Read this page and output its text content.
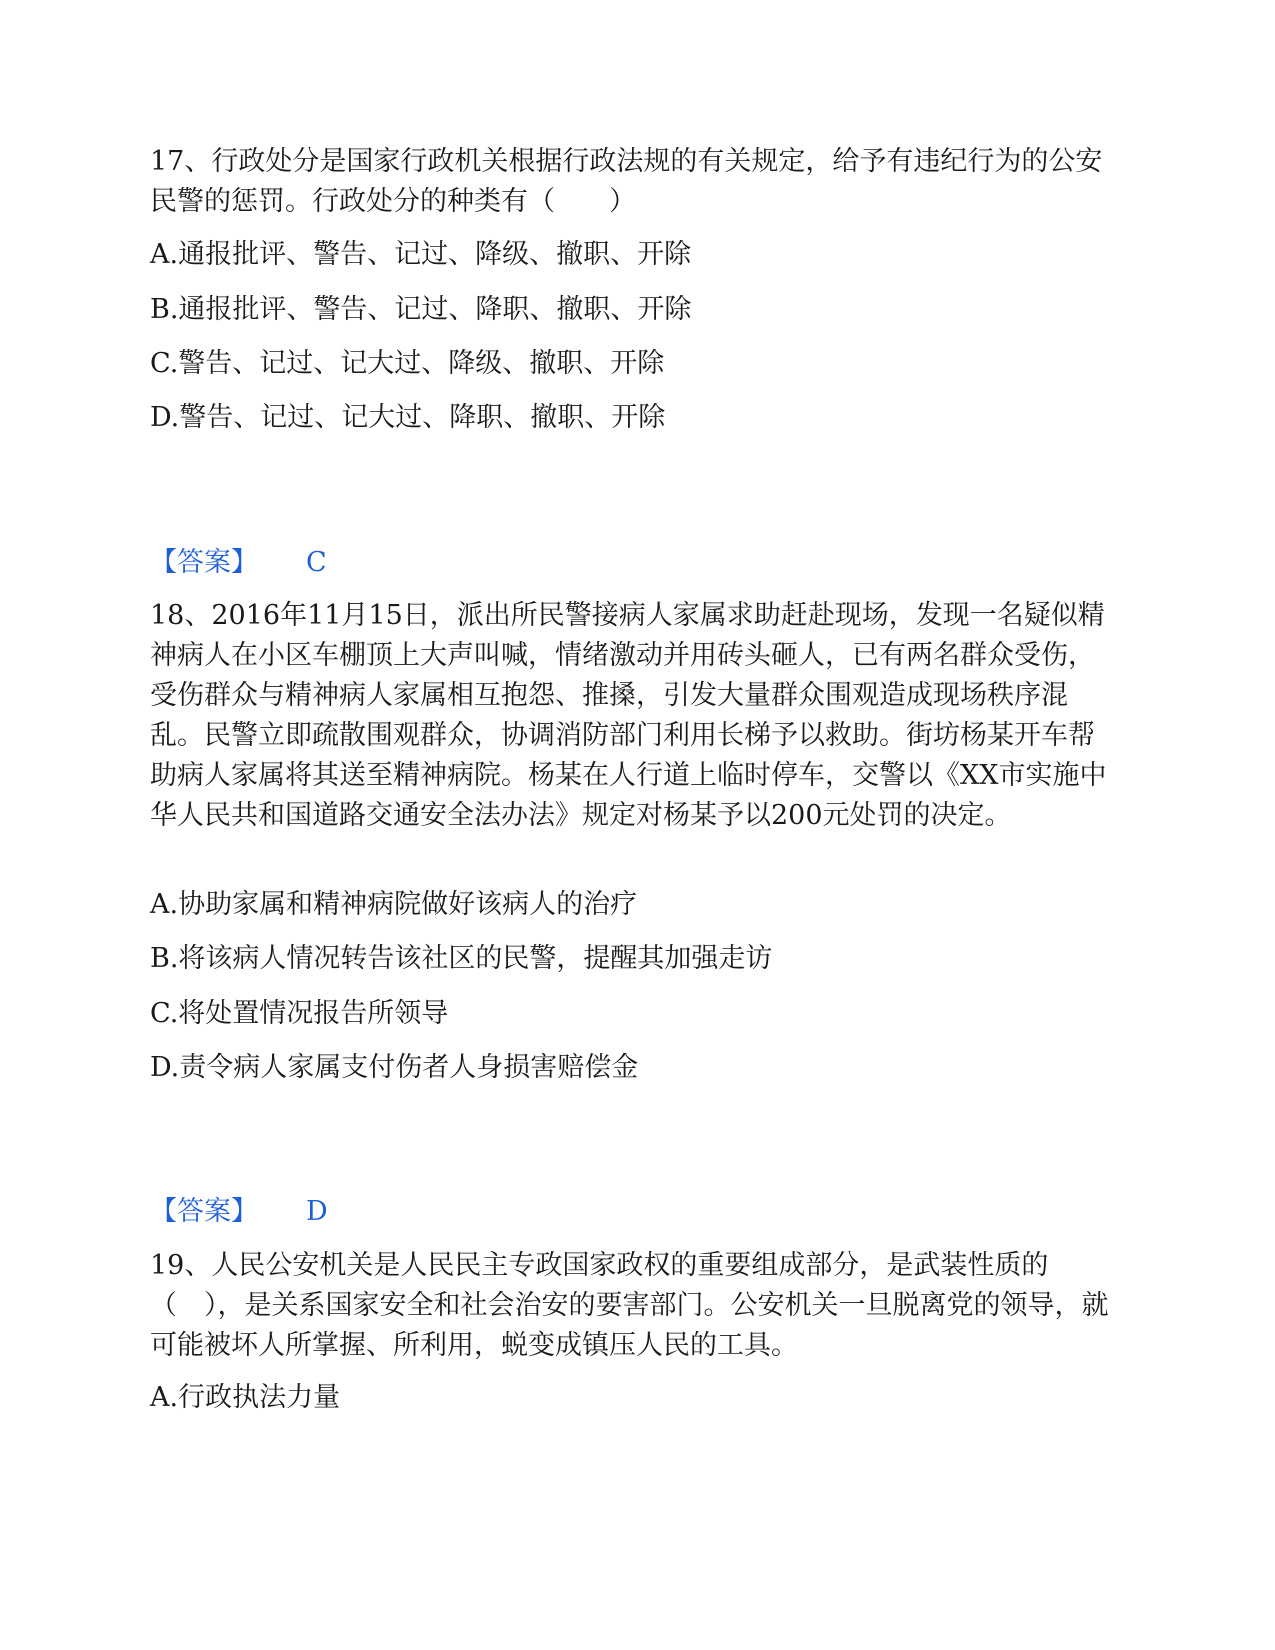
17、行政处分是国家行政机关根据行政法规的有关规定，给予有违纪行为的公安民警的惩罚。行政处分的种类有（　　）

A.通报批评、警告、记过、降级、撤职、开除

B.通报批评、警告、记过、降职、撤职、开除

C.警告、记过、记大过、降级、撤职、开除

D.警告、记过、记大过、降职、撤职、开除

【答案】 C

18、2016年11月15日，派出所民警接病人家属求助赶赴现场，发现一名疑似精神病人在小区车棚顶上大声叫喊，情绪激动并用砖头砸人，已有两名群众受伤，受伤群众与精神病人家属相互抱怨、推搡，引发大量群众围观造成现场秩序混乱。民警立即疏散围观群众，协调消防部门利用长梯予以救助。街坊杨某开车帮助病人家属将其送至精神病院。杨某在人行道上临时停车，交警以《XX市实施中华人民共和国道路交通安全法办法》规定对杨某予以200元处罚的决定。

A.协助家属和精神病院做好该病人的治疗

B.将该病人情况转告该社区的民警，提醒其加强走访

C.将处置情况报告所领导

D.责令病人家属支付伤者人身损害赔偿金

【答案】 D

19、人民公安机关是人民民主专政国家政权的重要组成部分，是武装性质的（　），是关系国家安全和社会治安的要害部门。公安机关一旦脱离党的领导，就可能被坏人所掌握、所利用，蜕变成镇压人民的工具。

A.行政执法力量
